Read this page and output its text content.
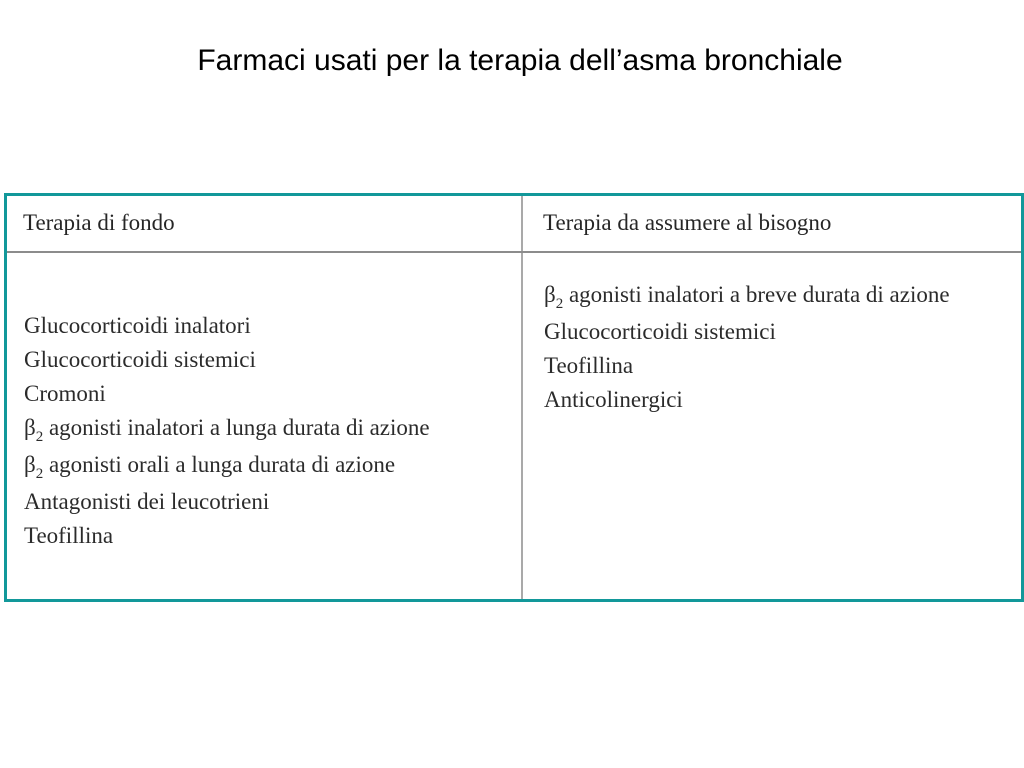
Farmaci usati per la terapia dell’asma bronchiale
Terapia di fondo	Terapia da assumere al bisogno
Glucocorticoidi inalatori
Glucocorticoidi sistemici
Cromoni
$\beta_2$ agonisti inalatori a lunga durata di azione
$\beta_2$ agonisti orali a lunga durata di azione
Antagonisti dei leucotrieni
Teofillina
$\beta_2$ agonisti inalatori a breve durata di azione
Glucocorticoidi sistemici
Teofillina
Anticolinergici
